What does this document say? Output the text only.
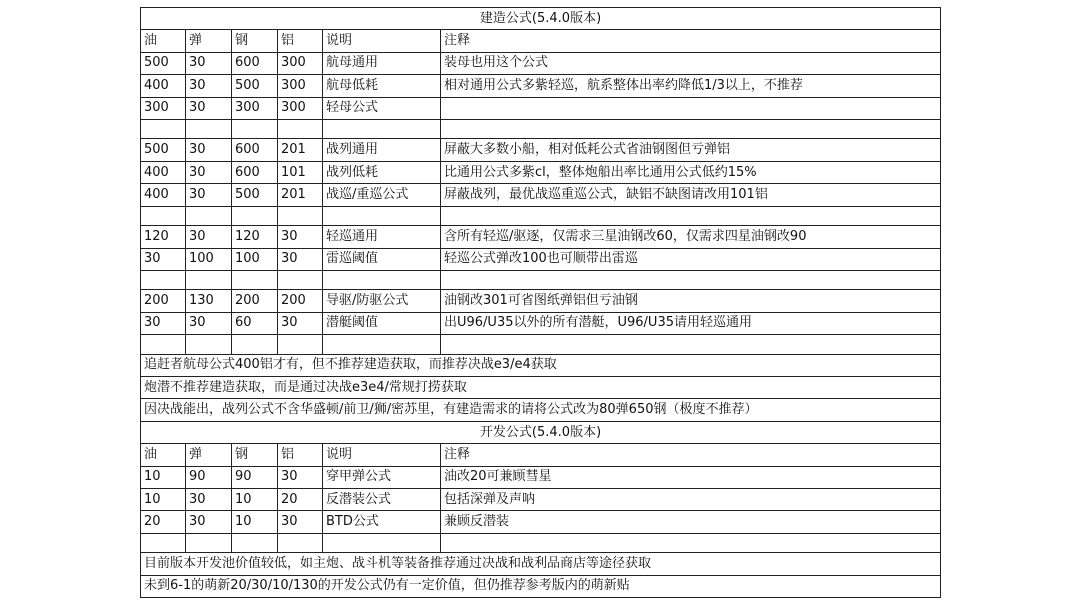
建造公式(5.4.0版本)					
油	弹	钢	铝	说明	注释
500	30	600	300	航母通用	装母也用这个公式
400	30	500	300	航母低耗	相对通用公式多紫轻巡，航系整体出率约降低1/3以上，不推荐
300	30	300	300	轻母公式	

500	30	600	201	战列通用	屏蔽大多数小船，相对低耗公式省油钢图但亏弹铝
400	30	600	101	战列低耗	比通用公式多紫cl，整体炮船出率比通用公式低约15%
400	30	500	201	战巡/重巡公式	屏蔽战列，最优战巡重巡公式，缺铝不缺图请改用101铝

120	30	120	30	轻巡通用	含所有轻巡/驱逐，仅需求三星油钢改60，仅需求四星油钢改90
30	100	100	30	雷巡阈值	轻巡公式弹改100也可顺带出雷巡

200	130	200	200	导驱/防驱公式	油钢改301可省图纸弹铝但亏油钢
30	30	60	30	潜艇阈值	出U96/U35以外的所有潜艇，U96/U35请用轻巡通用

追赶者航母公式400铝才有，但不推荐建造获取，而推荐决战e3/e4获取					
炮潜不推荐建造获取，而是通过决战e3e4/常规打捞获取					
因决战能出，战列公式不含华盛顿/前卫/狮/密苏里，有建造需求的请将公式改为80弹650钢（极度不推荐）					
开发公式(5.4.0版本)					
油	弹	钢	铝	说明	注释
10	90	90	30	穿甲弹公式	油改20可兼顾彗星
10	30	10	20	反潜装公式	包括深弹及声呐
20	30	10	30	BTD公式	兼顾反潜装

目前版本开发池价值较低，如主炮、战斗机等装备推荐通过决战和战利品商店等途径获取					
未到6-1的萌新20/30/10/130的开发公式仍有一定价值，但仍推荐参考版内的萌新贴					
